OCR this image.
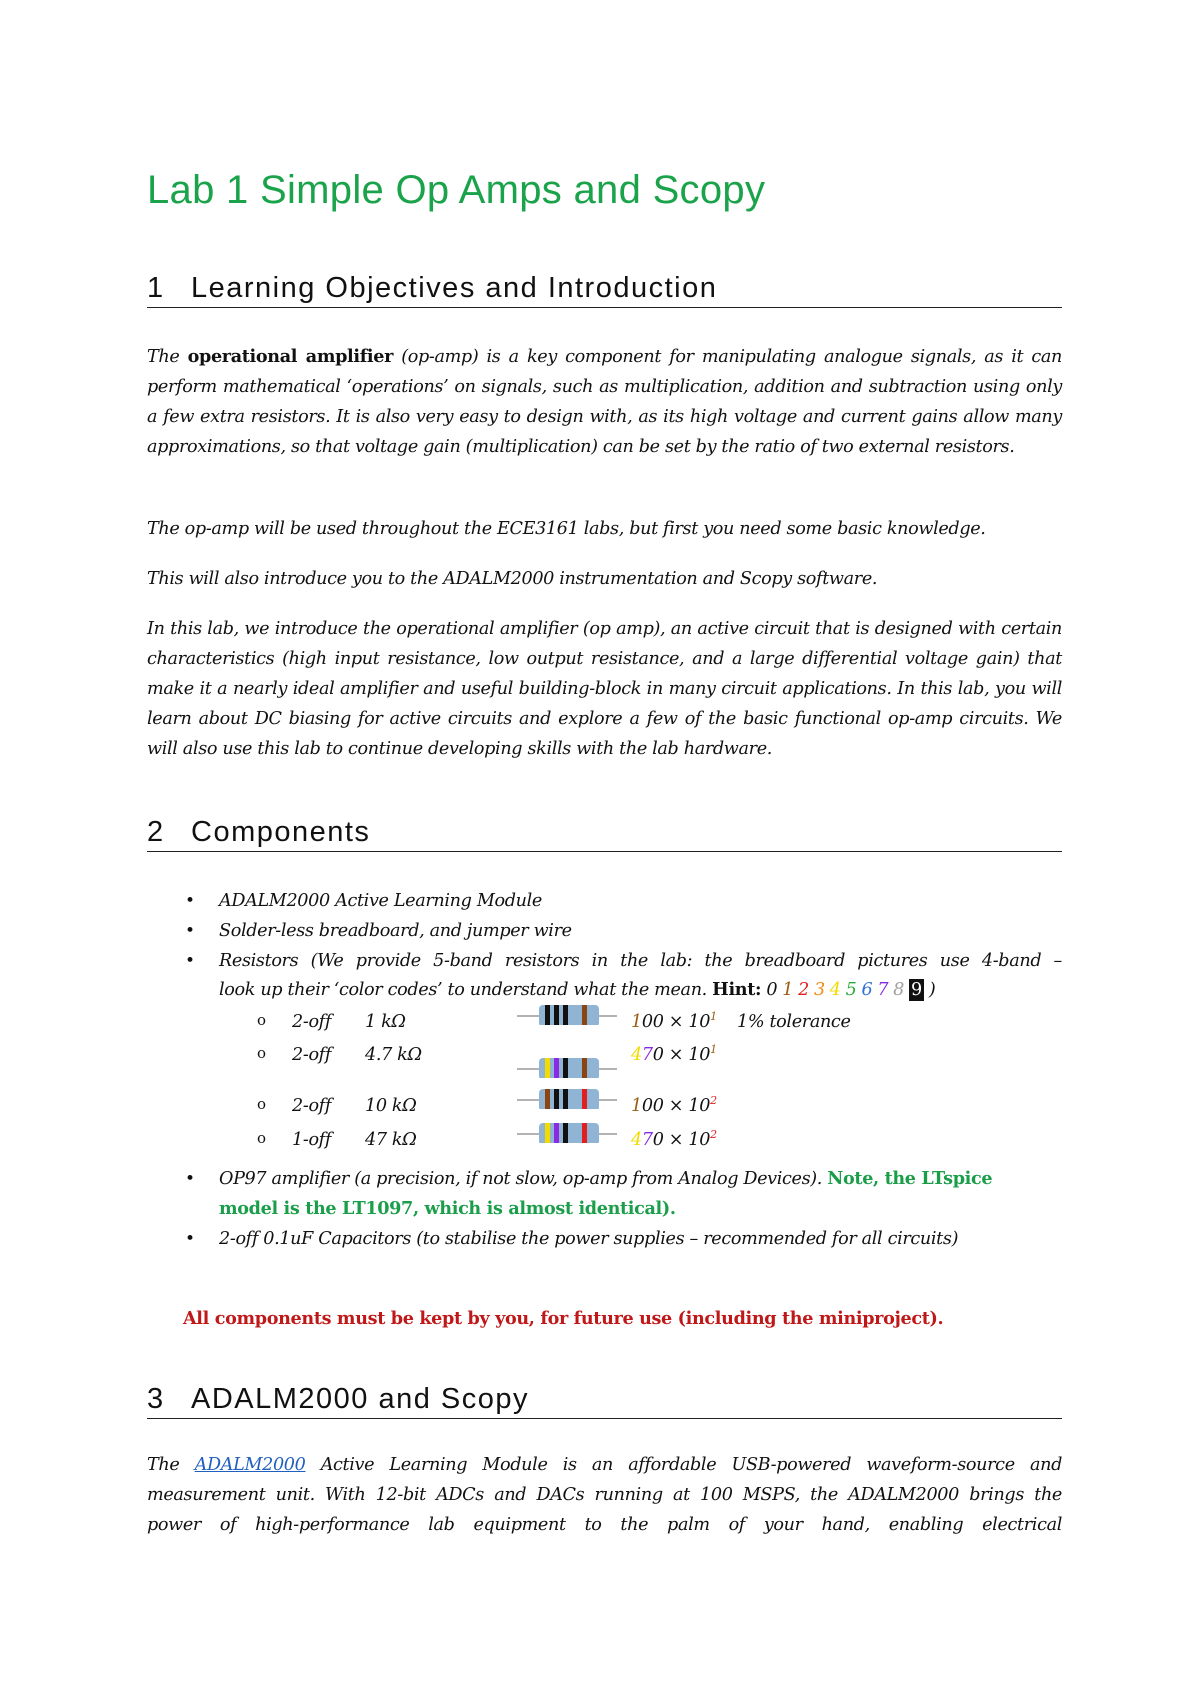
Lab 1 Simple Op Amps and Scopy
1 Learning Objectives and Introduction
The operational amplifier (op-amp) is a key component for manipulating analogue signals, as it can perform mathematical ‘operations’ on signals, such as multiplication, addition and subtraction using only a few extra resistors. It is also very easy to design with, as its high voltage and current gains allow many approximations, so that voltage gain (multiplication) can be set by the ratio of two external resistors.
The op-amp will be used throughout the ECE3161 labs, but first you need some basic knowledge.
This will also introduce you to the ADALM2000 instrumentation and Scopy software.
In this lab, we introduce the operational amplifier (op amp), an active circuit that is designed with certain characteristics (high input resistance, low output resistance, and a large differential voltage gain) that make it a nearly ideal amplifier and useful building-block in many circuit applications. In this lab, you will learn about DC biasing for active circuits and explore a few of the basic functional op-amp circuits. We will also use this lab to continue developing skills with the lab hardware.
2 Components
• ADALM2000 Active Learning Module
• Solder-less breadboard, and jumper wire
• Resistors (We provide 5-band resistors in the lab: the breadboard pictures use 4-band –
look up their ‘color codes’ to understand what the mean. Hint: 0 1 2 3 4 5 6 7 8 9 )
o 2-off 1 kΩ	$100 \times 10^1$ 1% tolerance
o 2-off 4.7 kΩ	$470 \times 10^1$
o 2-off 10 kΩ	$100 \times 10^2$
o 1-off 47 kΩ	$470 \times 10^2$
• OP97 amplifier (a precision, if not slow, op-amp from Analog Devices). Note, the LTspice
model is the LT1097, which is almost identical).
• 2-off 0.1uF Capacitors (to stabilise the power supplies – recommended for all circuits)
All components must be kept by you, for future use (including the miniproject).
3 ADALM2000 and Scopy
The ADALM2000 Active Learning Module is an affordable USB-powered waveform-source and
measurement unit. With 12-bit ADCs and DACs running at 100 MSPS, the ADALM2000 brings the
power of high-performance lab equipment to the palm of your hand, enabling electrical
